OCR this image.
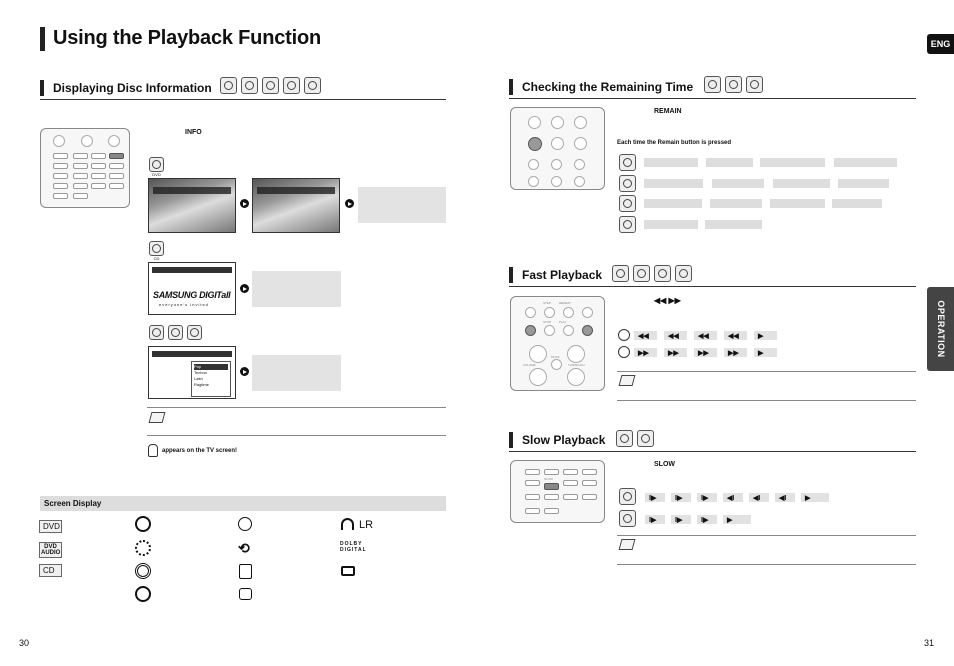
Using the Playback Function
Displaying Disc Information
INFO
DVD
CD
SAMSUNG DIGITall
everyone's invited
Pop
Techno
Latin
Ragtime
appears on the TV screen!
Screen Display
DVD
DVD AUDIO
CD
⟲
LR
DOLBY DIGITAL
30
ENG
OPERATION
Checking the Remaining Time
REMAIN
Each time the Remain button is pressed
Fast Playback
STEP	REPEAT
STOP	PLAY
MUTE
VOLUME	TUNING/CH
◀◀ ▶▶
◀◀	◀◀	◀◀	◀◀	▶
▶▶	▶▶	▶▶	▶▶	▶
Slow Playback
SLOW
SLOW
I▶	I▶	I▶	◀I	◀I	◀I	▶
I▶	I▶	I▶	▶
31
